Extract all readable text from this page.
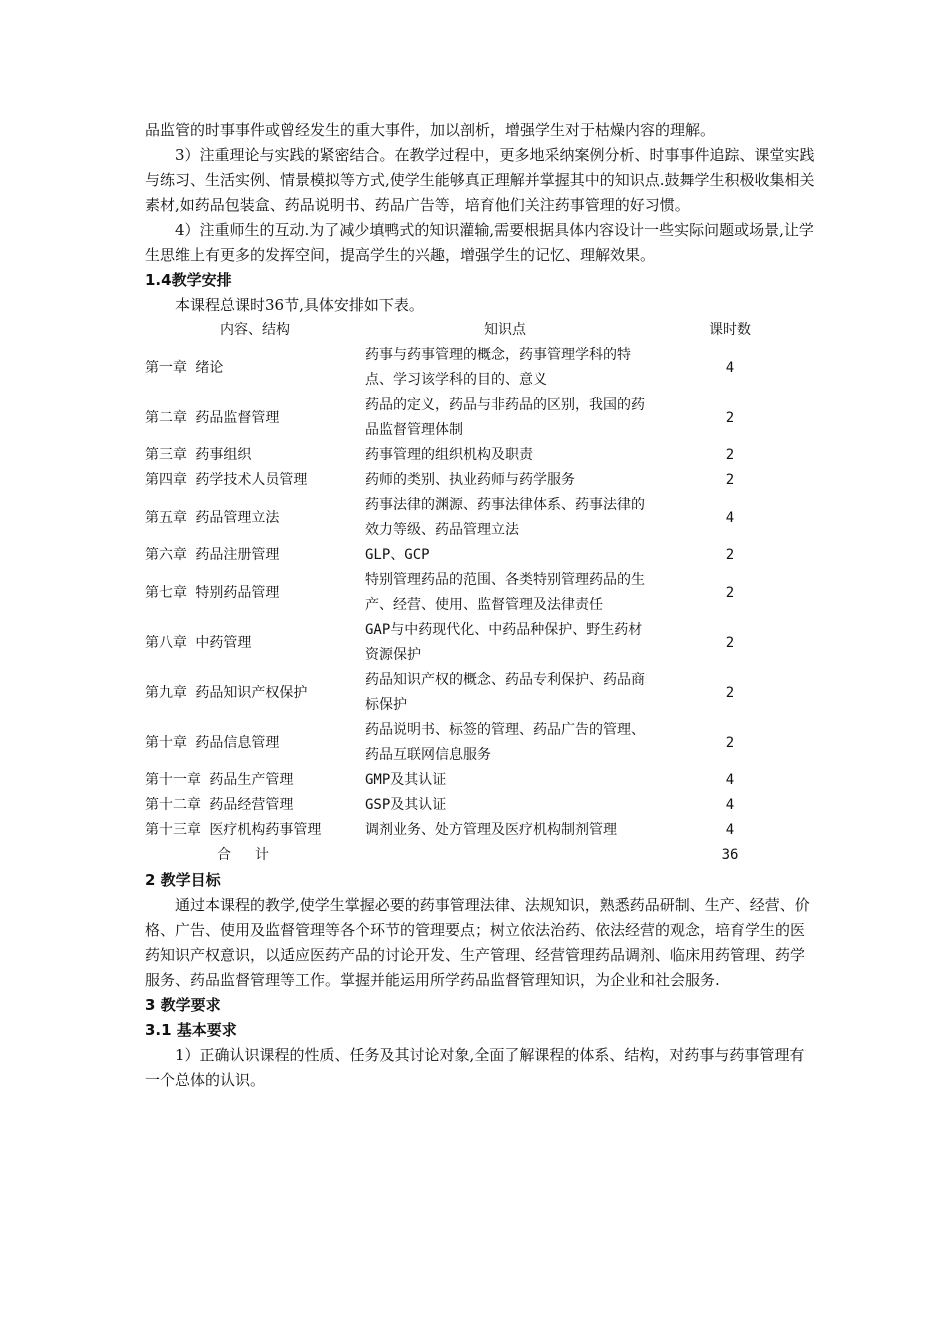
品监管的时事事件或曾经发生的重大事件，加以剖析，增强学生对于枯燥内容的理解。

3）注重理论与实践的紧密结合。在教学过程中，更多地采纳案例分析、时事事件追踪、课堂实践与练习、生活实例、情景模拟等方式,使学生能够真正理解并掌握其中的知识点.鼓舞学生积极收集相关素材,如药品包装盒、药品说明书、药品广告等，培育他们关注药事管理的好习惯。

4）注重师生的互动.为了减少填鸭式的知识灌输,需要根据具体内容设计一些实际问题或场景,让学生思维上有更多的发挥空间，提高学生的兴趣，增强学生的记忆、理解效果。

1.4教学安排

本课程总课时36节,具体安排如下表。

内容、结构	知识点	课时数
第一章 绪论	药事与药事管理的概念，药事管理学科的特点、学习该学科的目的、意义	4
第二章 药品监督管理	药品的定义，药品与非药品的区别，我国的药品监督管理体制	2
第三章 药事组织	药事管理的组织机构及职责	2
第四章 药学技术人员管理	药师的类别、执业药师与药学服务	2
第五章 药品管理立法	药事法律的渊源、药事法律体系、药事法律的效力等级、药品管理立法	4
第六章 药品注册管理	GLP、GCP	2
第七章 特别药品管理	特别管理药品的范围、各类特别管理药品的生产、经营、使用、监督管理及法律责任	2
第八章 中药管理	GAP与中药现代化、中药品种保护、野生药材资源保护	2
第九章 药品知识产权保护	药品知识产权的概念、药品专利保护、药品商标保护	2
第十章 药品信息管理	药品说明书、标签的管理、药品广告的管理、药品互联网信息服务	2
第十一章 药品生产管理	GMP及其认证	4
第十二章 药品经营管理	GSP及其认证	4
第十三章 医疗机构药事管理	调剂业务、处方管理及医疗机构制剂管理	4
合计		36

2 教学目标

通过本课程的教学,使学生掌握必要的药事管理法律、法规知识，熟悉药品研制、生产、经营、价格、广告、使用及监督管理等各个环节的管理要点；树立依法治药、依法经营的观念，培育学生的医药知识产权意识，以适应医药产品的讨论开发、生产管理、经营管理药品调剂、临床用药管理、药学服务、药品监督管理等工作。掌握并能运用所学药品监督管理知识，为企业和社会服务.

3 教学要求

3.1 基本要求

1）正确认识课程的性质、任务及其讨论对象,全面了解课程的体系、结构，对药事与药事管理有一个总体的认识。
